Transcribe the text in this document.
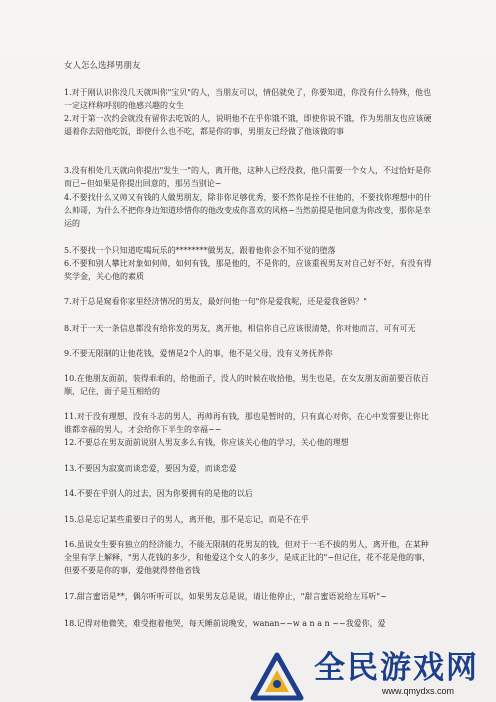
女人怎么选择男朋友

1.对于刚认识你没几天就叫你"宝贝"的人，当朋友可以，情侣就免了，你要知道，你没有什么特殊，他也一定这样称呼别的他感兴趣的女生

2.对于第一次约会就没有留你去吃饭的人，说明他不在乎你饿不饿，即使你说不饿，作为男朋友也应该硬逼着你去陪他吃饭，即使什么也不吃，都是你的事，男朋友已经做了他该做的事

3.没有相处几天就向你提出"发生一"的人，离开他，这种人已经没救，他只需要一个女人，不过恰好是你而已~但如果是你提出回意的，那另当别论~

4.不要找什么又帅又有钱的人做男朋友，除非你足够优秀，要不然你是拴不住他的，不要找你理想中的什么帅哥，为什么不把你身边知道珍惜你的他改变成你喜欢的风格~当然前提是他同意为你改变，那你是幸运的

5.不要找一个只知道吃喝玩乐的********做男友，跟着他你会不知不觉的堕落

6.不要和别人攀比对象如何帅，如何有钱，那是他的，不是你的，应该重视男友对自己好不好，有没有得奖学金，关心他的素质

7.对于总是窥看你家里经济情况的男友，最好问他一句"你是爱我呢，还是爱我爸妈？"

8.对于一天一条信息都没有给你发的男友，离开他，相信你自己应该很清楚，你对他而言，可有可无

9.不要无限制的让他花钱，爱情是2个人的事，他不是父母，没有义务抚养你

10.在他朋友面前，装得乖乖的，给他面子，没人的时候在收拾他，男生也是，在女友朋友面前要百依百顺，记住，面子是互相给的

11.对于没有理想，没有斗志的男人，再帅再有钱，那也是暂时的，只有真心对你，在心中发誓要让你比谁都幸福的男人，才会给你下半生的幸福~~

12.不要总在男友面前说别人男友多么有钱，你应该关心他的学习，关心他的理想

13.不要因为寂寞而谈恋爱，要因为爱，而谈恋爱

14.不要在乎别人的过去，因为你要拥有的是他的以后

15.总是忘记某些重要日子的男人，离开他，那不是忘记，而是不在乎

16.虽说女生要有独立的经济能力，不能无限制的花男友的钱，但对于一毛不拔的男人，离开他，在某种全里有学上解释，"男人花钱的多少，和他爱这个女人的多少，是成正比的"~但记住，花不花是他的事，但要不要是你的事，爱他就得替他省钱

17.甜言蜜语是**，偶尔听听可以，如果男友总是说，请让他停止，"甜言蜜语说给左耳听"~

18.记得对他微笑，难受抱着他哭，每天睡前说晚安，wanan~~w a n a n ~~我爱你，爱

全民游戏网
www.qmydxs.com
